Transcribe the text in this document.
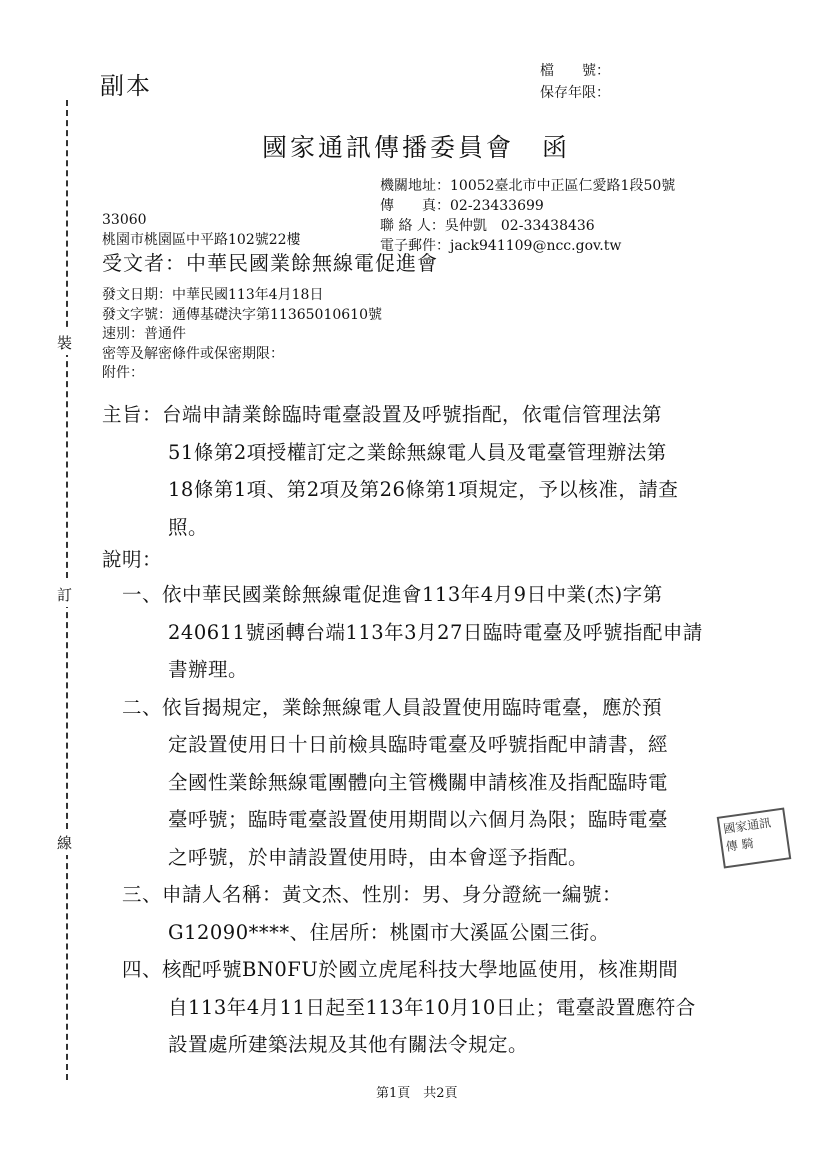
副本
檔　　號：
保存年限：
國家通訊傳播委員會　函
機關地址：10052臺北市中正區仁愛路1段50號
傳　　真：02-23433699
聯 絡 人：吳仲凱　02-33438436
電子郵件：jack941109@ncc.gov.tw
33060
桃園市桃園區中平路102號22樓
受文者：中華民國業餘無線電促進會
發文日期：中華民國113年4月18日
發文字號：通傳基礎決字第11365010610號
速別：普通件
密等及解密條件或保密期限：
附件：
主旨：台端申請業餘臨時電臺設置及呼號指配，依電信管理法第
51條第2項授權訂定之業餘無線電人員及電臺管理辦法第
18條第1項、第2項及第26條第1項規定，予以核准，請查
照。
說明：
一、依中華民國業餘無線電促進會113年4月9日中業(杰)字第
240611號函轉台端113年3月27日臨時電臺及呼號指配申請
書辦理。
二、依旨揭規定，業餘無線電人員設置使用臨時電臺，應於預
定設置使用日十日前檢具臨時電臺及呼號指配申請書，經
全國性業餘無線電團體向主管機關申請核准及指配臨時電
臺呼號；臨時電臺設置使用期間以六個月為限；臨時電臺
之呼號，於申請設置使用時，由本會逕予指配。
三、申請人名稱：黃文杰、性別：男、身分證統一編號：
G12090****、住居所：桃園市大溪區公園三街。
四、核配呼號BN0FU於國立虎尾科技大學地區使用，核准期間
自113年4月11日起至113年10月10日止；電臺設置應符合
設置處所建築法規及其他有關法令規定。
裝
訂
線
國家通訊傳 騎
第1頁　共2頁
